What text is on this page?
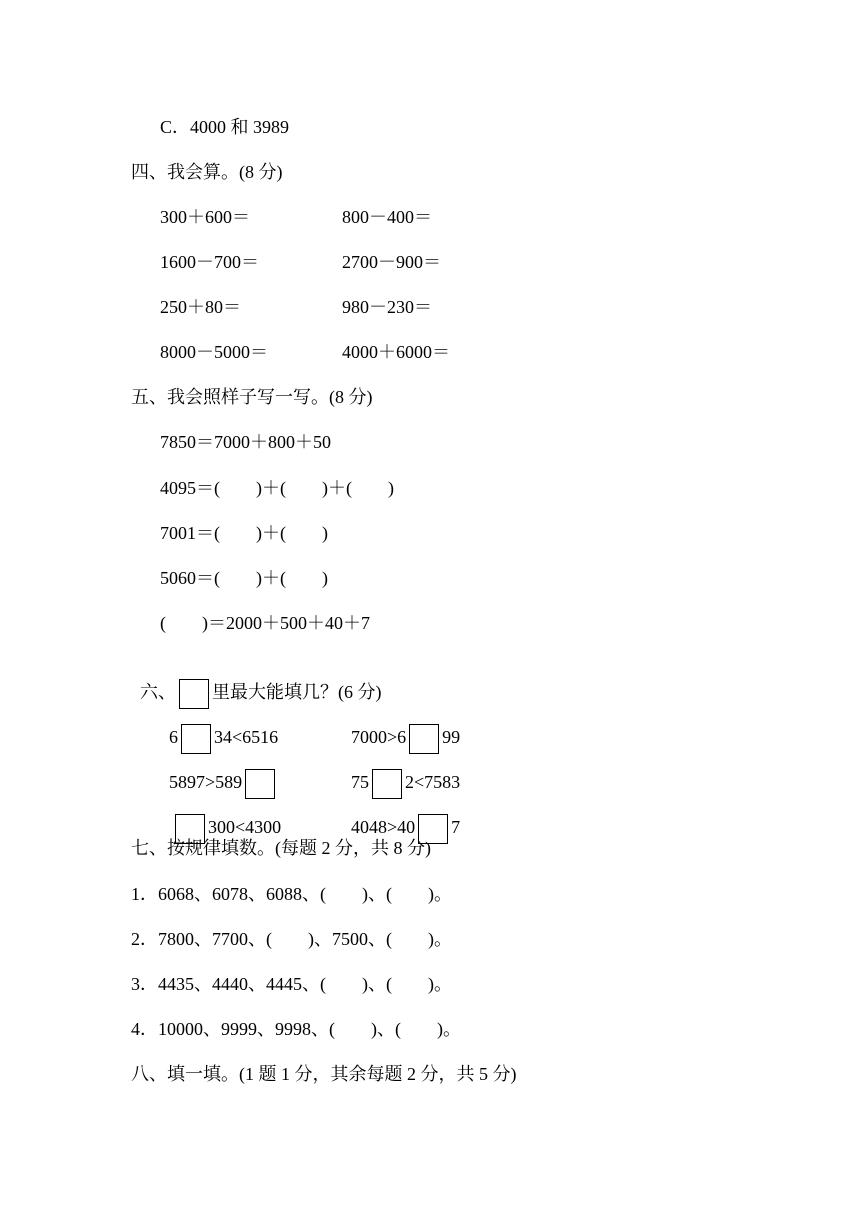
C．4000 和 3989
四、我会算。(8 分)
300＋600＝	800－400＝
1600－700＝	2700－900＝
250＋80＝	980－230＝
8000－5000＝	4000＋6000＝
五、我会照样子写一写。(8 分)
7850＝7000＋800＋50
4095＝(　　)＋(　　)＋(　　)
7001＝(　　)＋(　　)
5060＝(　　)＋(　　)
(　　)＝2000＋500＋40＋7

六、 里最大能填几？(6 分)

6 34<6516	7000>6 99

5897>589	75 2<7583

300<4300	4048>40 7

七、按规律填数。(每题 2 分，共 8 分)
1．6068、6078、6088、(　　)、(　　)。
2．7800、7700、(　　)、7500、(　　)。
3．4435、4440、4445、(　　)、(　　)。
4．10000、9999、9998、(　　)、(　　)。
八、填一填。(1 题 1 分，其余每题 2 分，共 5 分)
